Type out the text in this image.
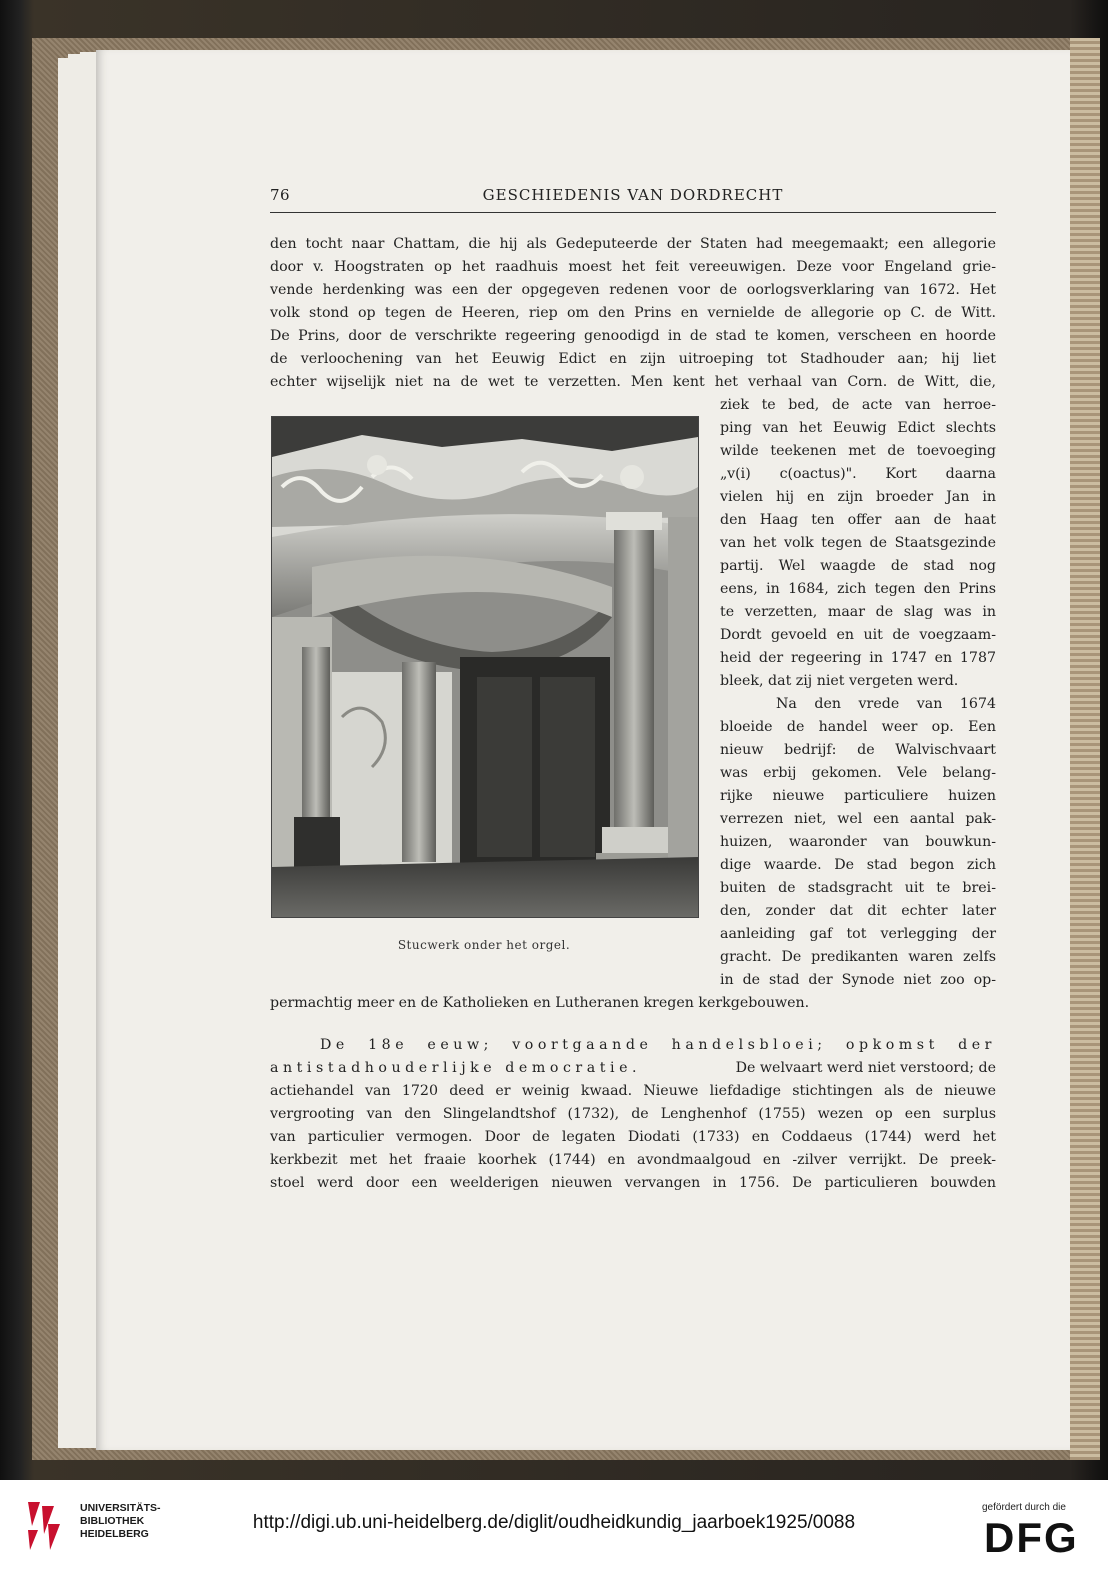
76	GESCHIEDENIS VAN DORDRECHT
den tocht naar Chattam, die hij als Gedeputeerde der Staten had meegemaakt; een allegorie
door v. Hoogstraten op het raadhuis moest het feit vereeuwigen. Deze voor Engeland grie-
vende herdenking was een der opgegeven redenen voor de oorlogsverklaring van 1672. Het
volk stond op tegen de Heeren, riep om den Prins en vernielde de allegorie op C. de Witt.
De Prins, door de verschrikte regeering genoodigd in de stad te komen, verscheen en hoorde
de verloochening van het Eeuwig Edict en zijn uitroeping tot Stadhouder aan; hij liet
echter wijselijk niet na de wet te verzetten. Men kent het verhaal van Corn. de Witt, die,
ziek te bed, de acte van herroe-
ping van het Eeuwig Edict slechts
wilde teekenen met de toevoeging
„v(i) c(oactus)". Kort daarna
vielen hij en zijn broeder Jan in
den Haag ten offer aan de haat
van het volk tegen de Staatsgezinde
partij. Wel waagde de stad nog
eens, in 1684, zich tegen den Prins
te verzetten, maar de slag was in
Dordt gevoeld en uit de voegzaam-
heid der regeering in 1747 en 1787
bleek, dat zij niet vergeten werd.
Na den vrede van 1674
bloeide de handel weer op. Een
nieuw bedrijf: de Walvischvaart
was erbij gekomen. Vele belang-
rijke nieuwe particuliere huizen
verrezen niet, wel een aantal pak-
huizen, waaronder van bouwkun-
dige waarde. De stad begon zich
buiten de stadsgracht uit te brei-
den, zonder dat dit echter later
aanleiding gaf tot verlegging der
gracht. De predikanten waren zelfs
in de stad der Synode niet zoo op-
permachtig meer en de Katholieken en Lutheranen kregen kerkgebouwen.
De 18e eeuw; voortgaande handelsbloei; opkomst der
antistadhouderlijke democratie.	De welvaart werd niet verstoord; de
actiehandel van 1720 deed er weinig kwaad. Nieuwe liefdadige stichtingen als de nieuwe
vergrooting van den Slingelandtshof (1732), de Lenghenhof (1755) wezen op een surplus
van particulier vermogen. Door de legaten Diodati (1733) en Coddaeus (1744) werd het
kerkbezit met het fraaie koorhek (1744) en avondmaalgoud en -zilver verrijkt. De preek-
stoel werd door een weelderigen nieuwen vervangen in 1756. De particulieren bouwden
Stucwerk onder het orgel.
UNIVERSITÄTS-
BIBLIOTHEK
HEIDELBERG
http://digi.ub.uni-heidelberg.de/diglit/oudheidkundig_jaarboek1925/0088
gefördert durch die
DFG
